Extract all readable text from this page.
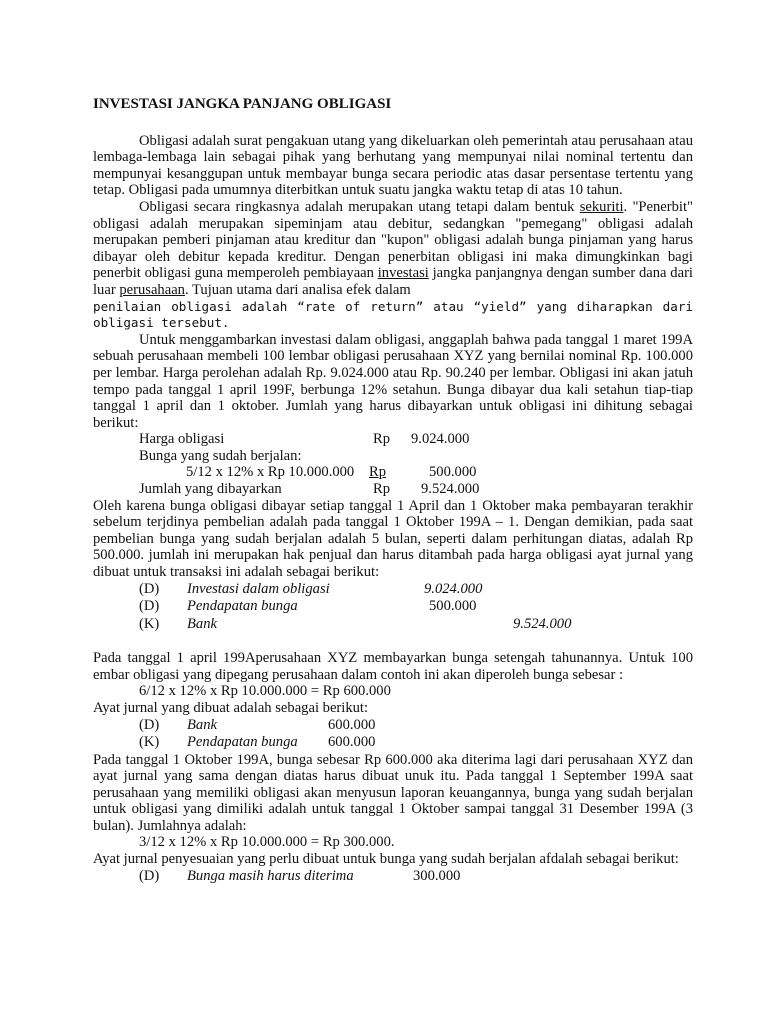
INVESTASI JANGKA PANJANG OBLIGASI

Obligasi adalah surat pengakuan utang yang dikeluarkan oleh pemerintah atau perusahaan atau lembaga-lembaga lain sebagai pihak yang berhutang yang mempunyai nilai nominal tertentu dan mempunyai kesanggupan untuk membayar bunga secara periodic atas dasar persentase tertentu yang tetap. Obligasi pada umumnya diterbitkan untuk suatu jangka waktu tetap di atas 10 tahun.

Obligasi secara ringkasnya adalah merupakan utang tetapi dalam bentuk sekuriti. "Penerbit" obligasi adalah merupakan sipeminjam atau debitur, sedangkan "pemegang" obligasi adalah merupakan pemberi pinjaman atau kreditur dan "kupon" obligasi adalah bunga pinjaman yang harus dibayar oleh debitur kepada kreditur. Dengan penerbitan obligasi ini maka dimungkinkan bagi penerbit obligasi guna memperoleh pembiayaan investasi jangka panjangnya dengan sumber dana dari luar perusahaan. Tujuan utama dari analisa efek dalam

penilaian obligasi adalah “rate of return” atau “yield” yang diharapkan dari obligasi tersebut.

Untuk menggambarkan investasi dalam obligasi, anggaplah bahwa pada tanggal 1 maret 199A sebuah perusahaan membeli 100 lembar obligasi perusahaan XYZ yang bernilai nominal Rp. 100.000 per lembar. Harga perolehan adalah Rp. 9.024.000 atau Rp. 90.240 per lembar. Obligasi ini akan jatuh tempo pada tanggal 1 april 199F, berbunga 12% setahun. Bunga dibayar dua kali setahun tiap-tiap tanggal 1 april dan 1 oktober. Jumlah yang harus dibayarkan untuk obligasi ini dihitung sebagai berikut:

Harga obligasi	Rp 9.024.000
Bunga yang sudah berjalan:
5/12 x 12% x Rp 10.000.000 Rp	500.000
Jumlah yang dibayarkan	Rp 9.524.000

Oleh karena bunga obligasi dibayar setiap tanggal 1 April dan 1 Oktober maka pembayaran terakhir sebelum terjdinya pembelian adalah pada tanggal 1 Oktober 199A – 1. Dengan demikian, pada saat pembelian bunga yang sudah berjalan adalah 5 bulan, seperti dalam perhitungan diatas, adalah Rp 500.000. jumlah ini merupakan hak penjual dan harus ditambah pada harga obligasi ayat jurnal yang dibuat untuk transaksi ini adalah sebagai berikut:

(D) Investasi dalam obligasi	9.024.000
(D) Pendapatan bunga	500.000
(K) Bank	9.524.000

Pada tanggal 1 april 199Aperusahaan XYZ membayarkan bunga setengah tahunannya. Untuk 100 embar obligasi yang dipegang perusahaan dalam contoh ini akan diperoleh bunga sebesar :

6/12 x 12% x Rp 10.000.000 = Rp 600.000

Ayat jurnal yang dibuat adalah sebagai berikut:

(D) Bank	600.000
(K) Pendapatan bunga 600.000

Pada tanggal 1 Oktober 199A, bunga sebesar Rp 600.000 aka diterima lagi dari perusahaan XYZ dan ayat jurnal yang sama dengan diatas harus dibuat unuk itu. Pada tanggal 1 September 199A saat perusahaan yang memiliki obligasi akan menyusun laporan keuangannya, bunga yang sudah berjalan untuk obligasi yang dimiliki adalah untuk tanggal 1 Oktober sampai tanggal 31 Desember 199A (3 bulan). Jumlahnya adalah:

3/12 x 12% x Rp 10.000.000 = Rp 300.000.

Ayat jurnal penyesuaian yang perlu dibuat untuk bunga yang sudah berjalan afdalah sebagai berikut:

(D) Bunga masih harus diterima	300.000
